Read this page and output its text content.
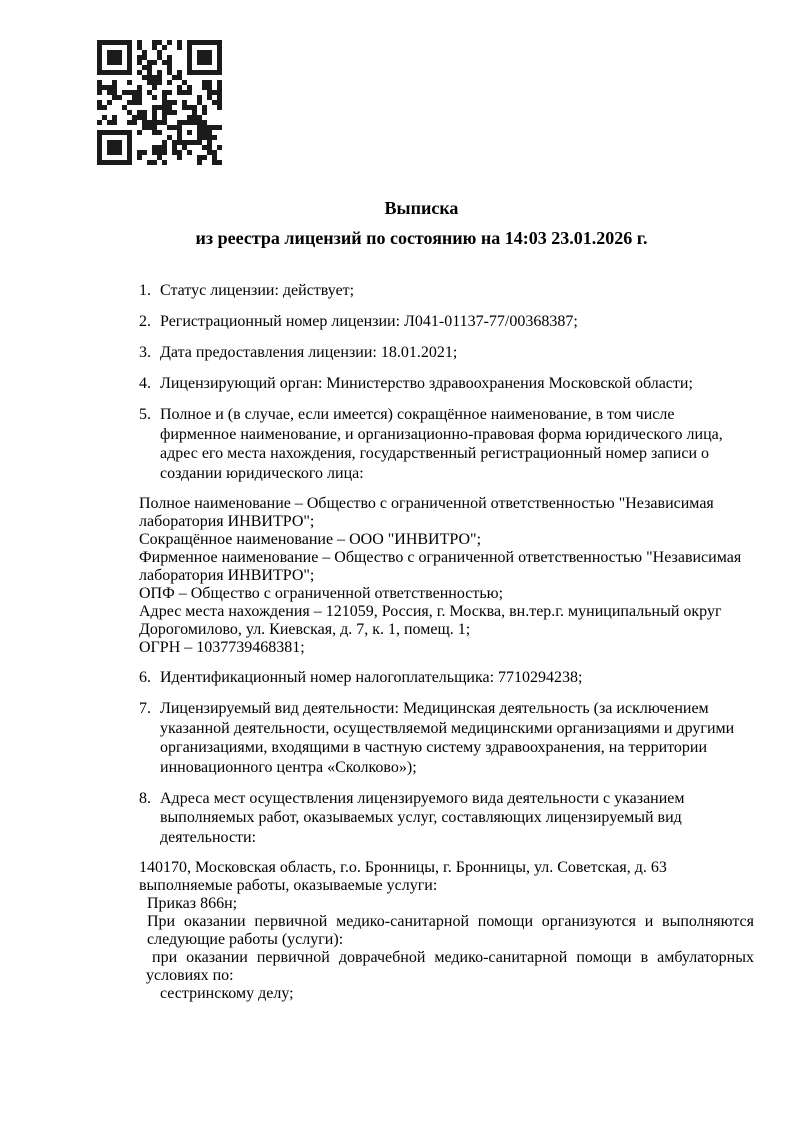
Выписка
из реестра лицензий по состоянию на 14:03 23.01.2026 г.
1. Статус лицензии: действует;
2. Регистрационный номер лицензии: Л041-01137-77/00368387;
3. Дата предоставления лицензии: 18.01.2021;
4. Лицензирующий орган: Министерство здравоохранения Московской области;
5. Полное и (в случае, если имеется) сокращённое наименование, в том числе фирменное наименование, и организационно-правовая форма юридического лица, адрес его места нахождения, государственный регистрационный номер записи о создании юридического лица:
Полное наименование – Общество с ограниченной ответственностью "Независимая лаборатория ИНВИТРО";
Сокращённое наименование – ООО "ИНВИТРО";
Фирменное наименование – Общество с ограниченной ответственностью "Независимая лаборатория ИНВИТРО";
ОПФ – Общество с ограниченной ответственностью;
Адрес места нахождения – 121059, Россия, г. Москва, вн.тер.г. муниципальный округ Дорогомилово, ул. Киевская, д. 7, к. 1, помещ. 1;
ОГРН – 1037739468381;
6. Идентификационный номер налогоплательщика: 7710294238;
7. Лицензируемый вид деятельности: Медицинская деятельность (за исключением указанной деятельности, осуществляемой медицинскими организациями и другими организациями, входящими в частную систему здравоохранения, на территории инновационного центра «Сколково»);
8. Адреса мест осуществления лицензируемого вида деятельности с указанием выполняемых работ, оказываемых услуг, составляющих лицензируемый вид деятельности:
140170, Московская область, г.о. Бронницы, г. Бронницы, ул. Советская, д. 63
выполняемые работы, оказываемые услуги:
Приказ 866н;
При оказании первичной медико-санитарной помощи организуются и выполняются следующие работы (услуги):
при оказании первичной доврачебной медико-санитарной помощи в амбулаторных условиях по:
сестринскому делу;
